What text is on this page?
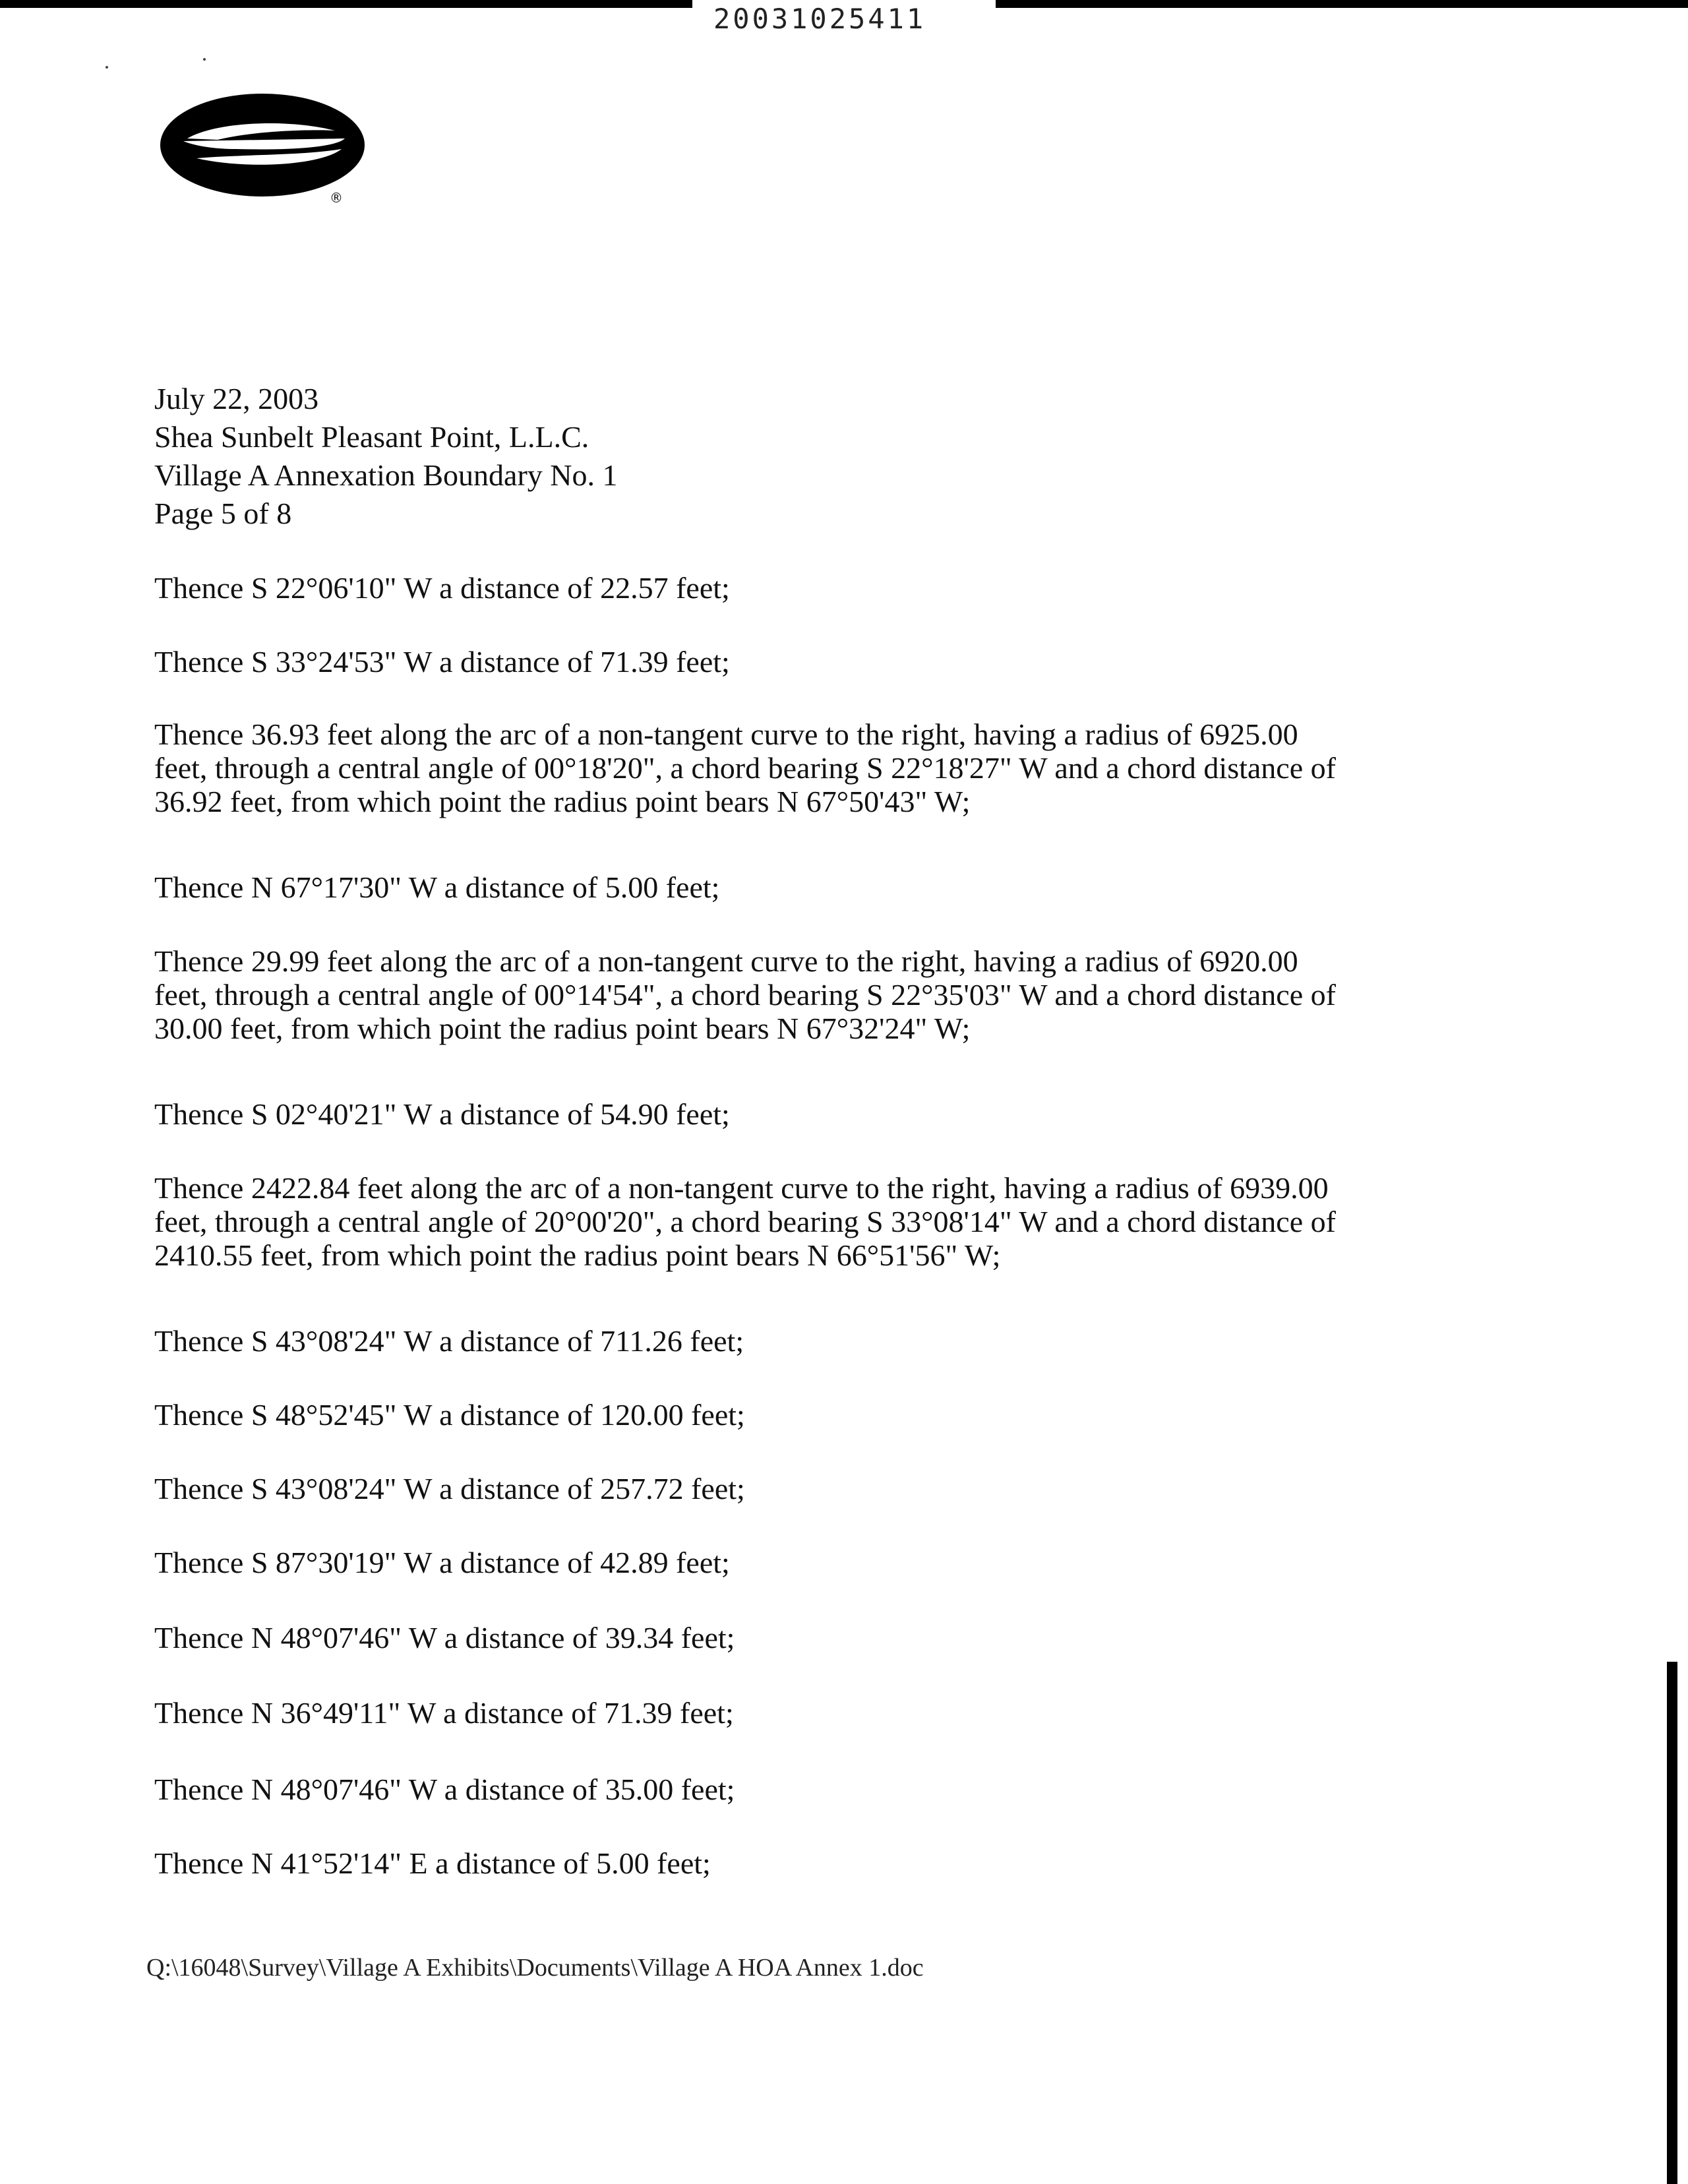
20031025411
®
July 22, 2003
Shea Sunbelt Pleasant Point, L.L.C.
Village A Annexation Boundary No. 1
Page 5 of 8
Thence S 22°06'10" W a distance of 22.57 feet;
Thence S 33°24'53" W a distance of 71.39 feet;
Thence 36.93 feet along the arc of a non-tangent curve to the right, having a radius of 6925.00
feet, through a central angle of 00°18'20", a chord bearing S 22°18'27" W and a chord distance of
36.92 feet, from which point the radius point bears N 67°50'43" W;
Thence N 67°17'30" W a distance of 5.00 feet;
Thence 29.99 feet along the arc of a non-tangent curve to the right, having a radius of 6920.00
feet, through a central angle of 00°14'54", a chord bearing S 22°35'03" W and a chord distance of
30.00 feet, from which point the radius point bears N 67°32'24" W;
Thence S 02°40'21" W a distance of 54.90 feet;
Thence 2422.84 feet along the arc of a non-tangent curve to the right, having a radius of 6939.00
feet, through a central angle of 20°00'20", a chord bearing S 33°08'14" W and a chord distance of
2410.55 feet, from which point the radius point bears N 66°51'56" W;
Thence S 43°08'24" W a distance of 711.26 feet;
Thence S 48°52'45" W a distance of 120.00 feet;
Thence S 43°08'24" W a distance of 257.72 feet;
Thence S 87°30'19" W a distance of 42.89 feet;
Thence N 48°07'46" W a distance of 39.34 feet;
Thence N 36°49'11" W a distance of 71.39 feet;
Thence N 48°07'46" W a distance of 35.00 feet;
Thence N 41°52'14" E a distance of 5.00 feet;
Q:\16048\Survey\Village A Exhibits\Documents\Village A HOA Annex 1.doc
